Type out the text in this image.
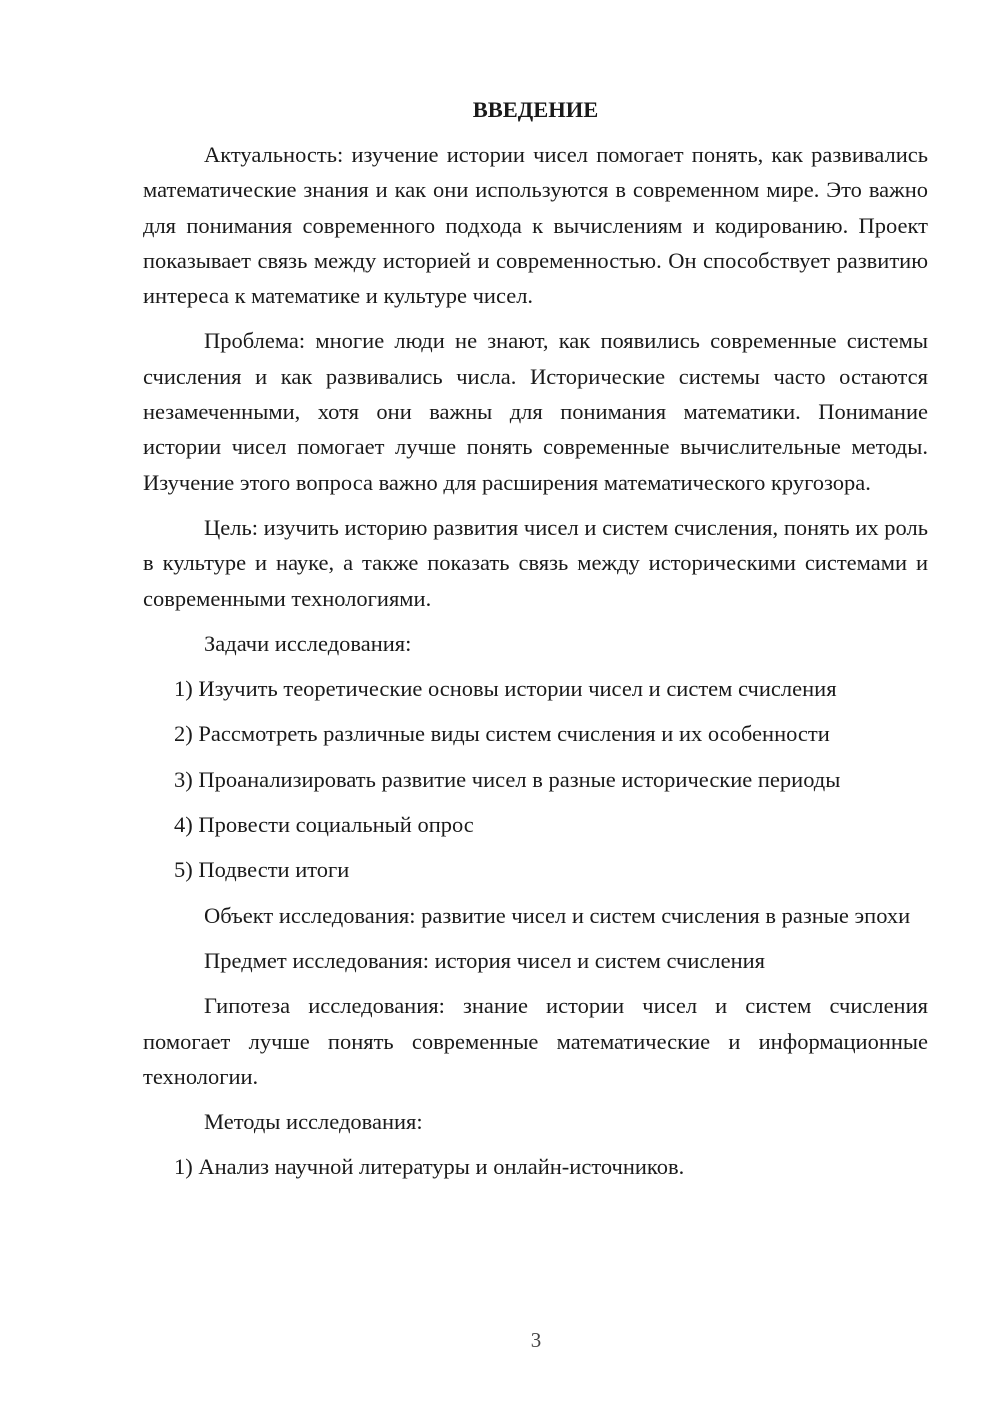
ВВЕДЕНИЕ

Актуальность: изучение истории чисел помогает понять, как развивались математические знания и как они используются в современном мире. Это важно для понимания современного подхода к вычислениям и кодированию. Проект показывает связь между историей и современностью. Он способствует развитию интереса к математике и культуре чисел.

Проблема: многие люди не знают, как появились современные системы счисления и как развивались числа. Исторические системы часто остаются незамеченными, хотя они важны для понимания математики. Понимание истории чисел помогает лучше понять современные вычислительные методы. Изучение этого вопроса важно для расширения математического кругозора.

Цель: изучить историю развития чисел и систем счисления, понять их роль в культуре и науке, а также показать связь между историческими системами и современными технологиями.

Задачи исследования:

1) Изучить теоретические основы истории чисел и систем счисления

2) Рассмотреть различные виды систем счисления и их особенности

3) Проанализировать развитие чисел в разные исторические периоды

4) Провести социальный опрос

5) Подвести итоги

Объект исследования: развитие чисел и систем счисления в разные эпохи

Предмет исследования: история чисел и систем счисления

Гипотеза исследования: знание истории чисел и систем счисления помогает лучше понять современные математические и информационные технологии.

Методы исследования:

1) Анализ научной литературы и онлайн-источников.

3
